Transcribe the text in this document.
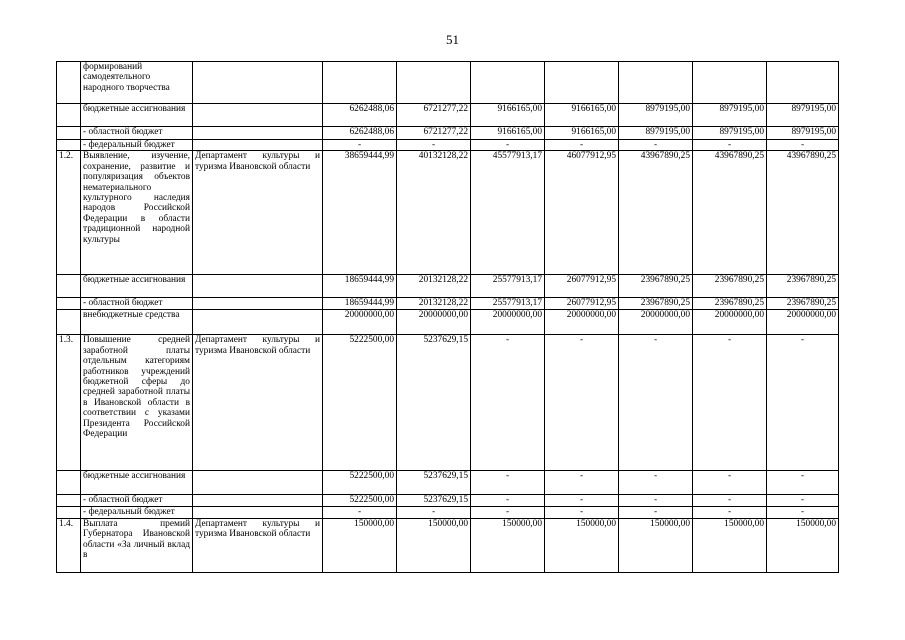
51
	формирований самодеятельного народного творчества								
	бюджетные ассигнования		6262488,06	6721277,22	9166165,00	9166165,00	8979195,00	8979195,00	8979195,00
	- областной бюджет		6262488,06	6721277,22	9166165,00	9166165,00	8979195,00	8979195,00	8979195,00
	- федеральный бюджет		-	-	-	-	-	-	-
1.2.	Выявление, изучение, сохранение, развитие и популяризация объектов нематериального культурного наследия народов Российской Федерации в области традиционной народной культуры	Департамент культуры и туризма Ивановской области	38659444,99	40132128,22	45577913,17	46077912,95	43967890,25	43967890,25	43967890,25
	бюджетные ассигнования		18659444,99	20132128,22	25577913,17	26077912,95	23967890,25	23967890,25	23967890,25
	- областной бюджет		18659444,99	20132128,22	25577913,17	26077912,95	23967890,25	23967890,25	23967890,25
	внебюджетные средства		20000000,00	20000000,00	20000000,00	20000000,00	20000000,00	20000000,00	20000000,00
1.3.	Повышение средней заработной платы отдельным категориям работников учреждений бюджетной сферы до средней заработной платы в Ивановской области в соответствии с указами Президента Российской Федерации	Департамент культуры и туризма Ивановской области	5222500,00	5237629,15	-	-	-	-	-
	бюджетные ассигнования		5222500,00	5237629,15	-	-	-	-	-
	- областной бюджет		5222500,00	5237629,15	-	-	-	-	-
	- федеральный бюджет		-	-	-	-	-	-	-
1.4.	Выплата премий Губернатора Ивановской области «За личный вклад в	Департамент культуры и туризма Ивановской области	150000,00	150000,00	150000,00	150000,00	150000,00	150000,00	150000,00
